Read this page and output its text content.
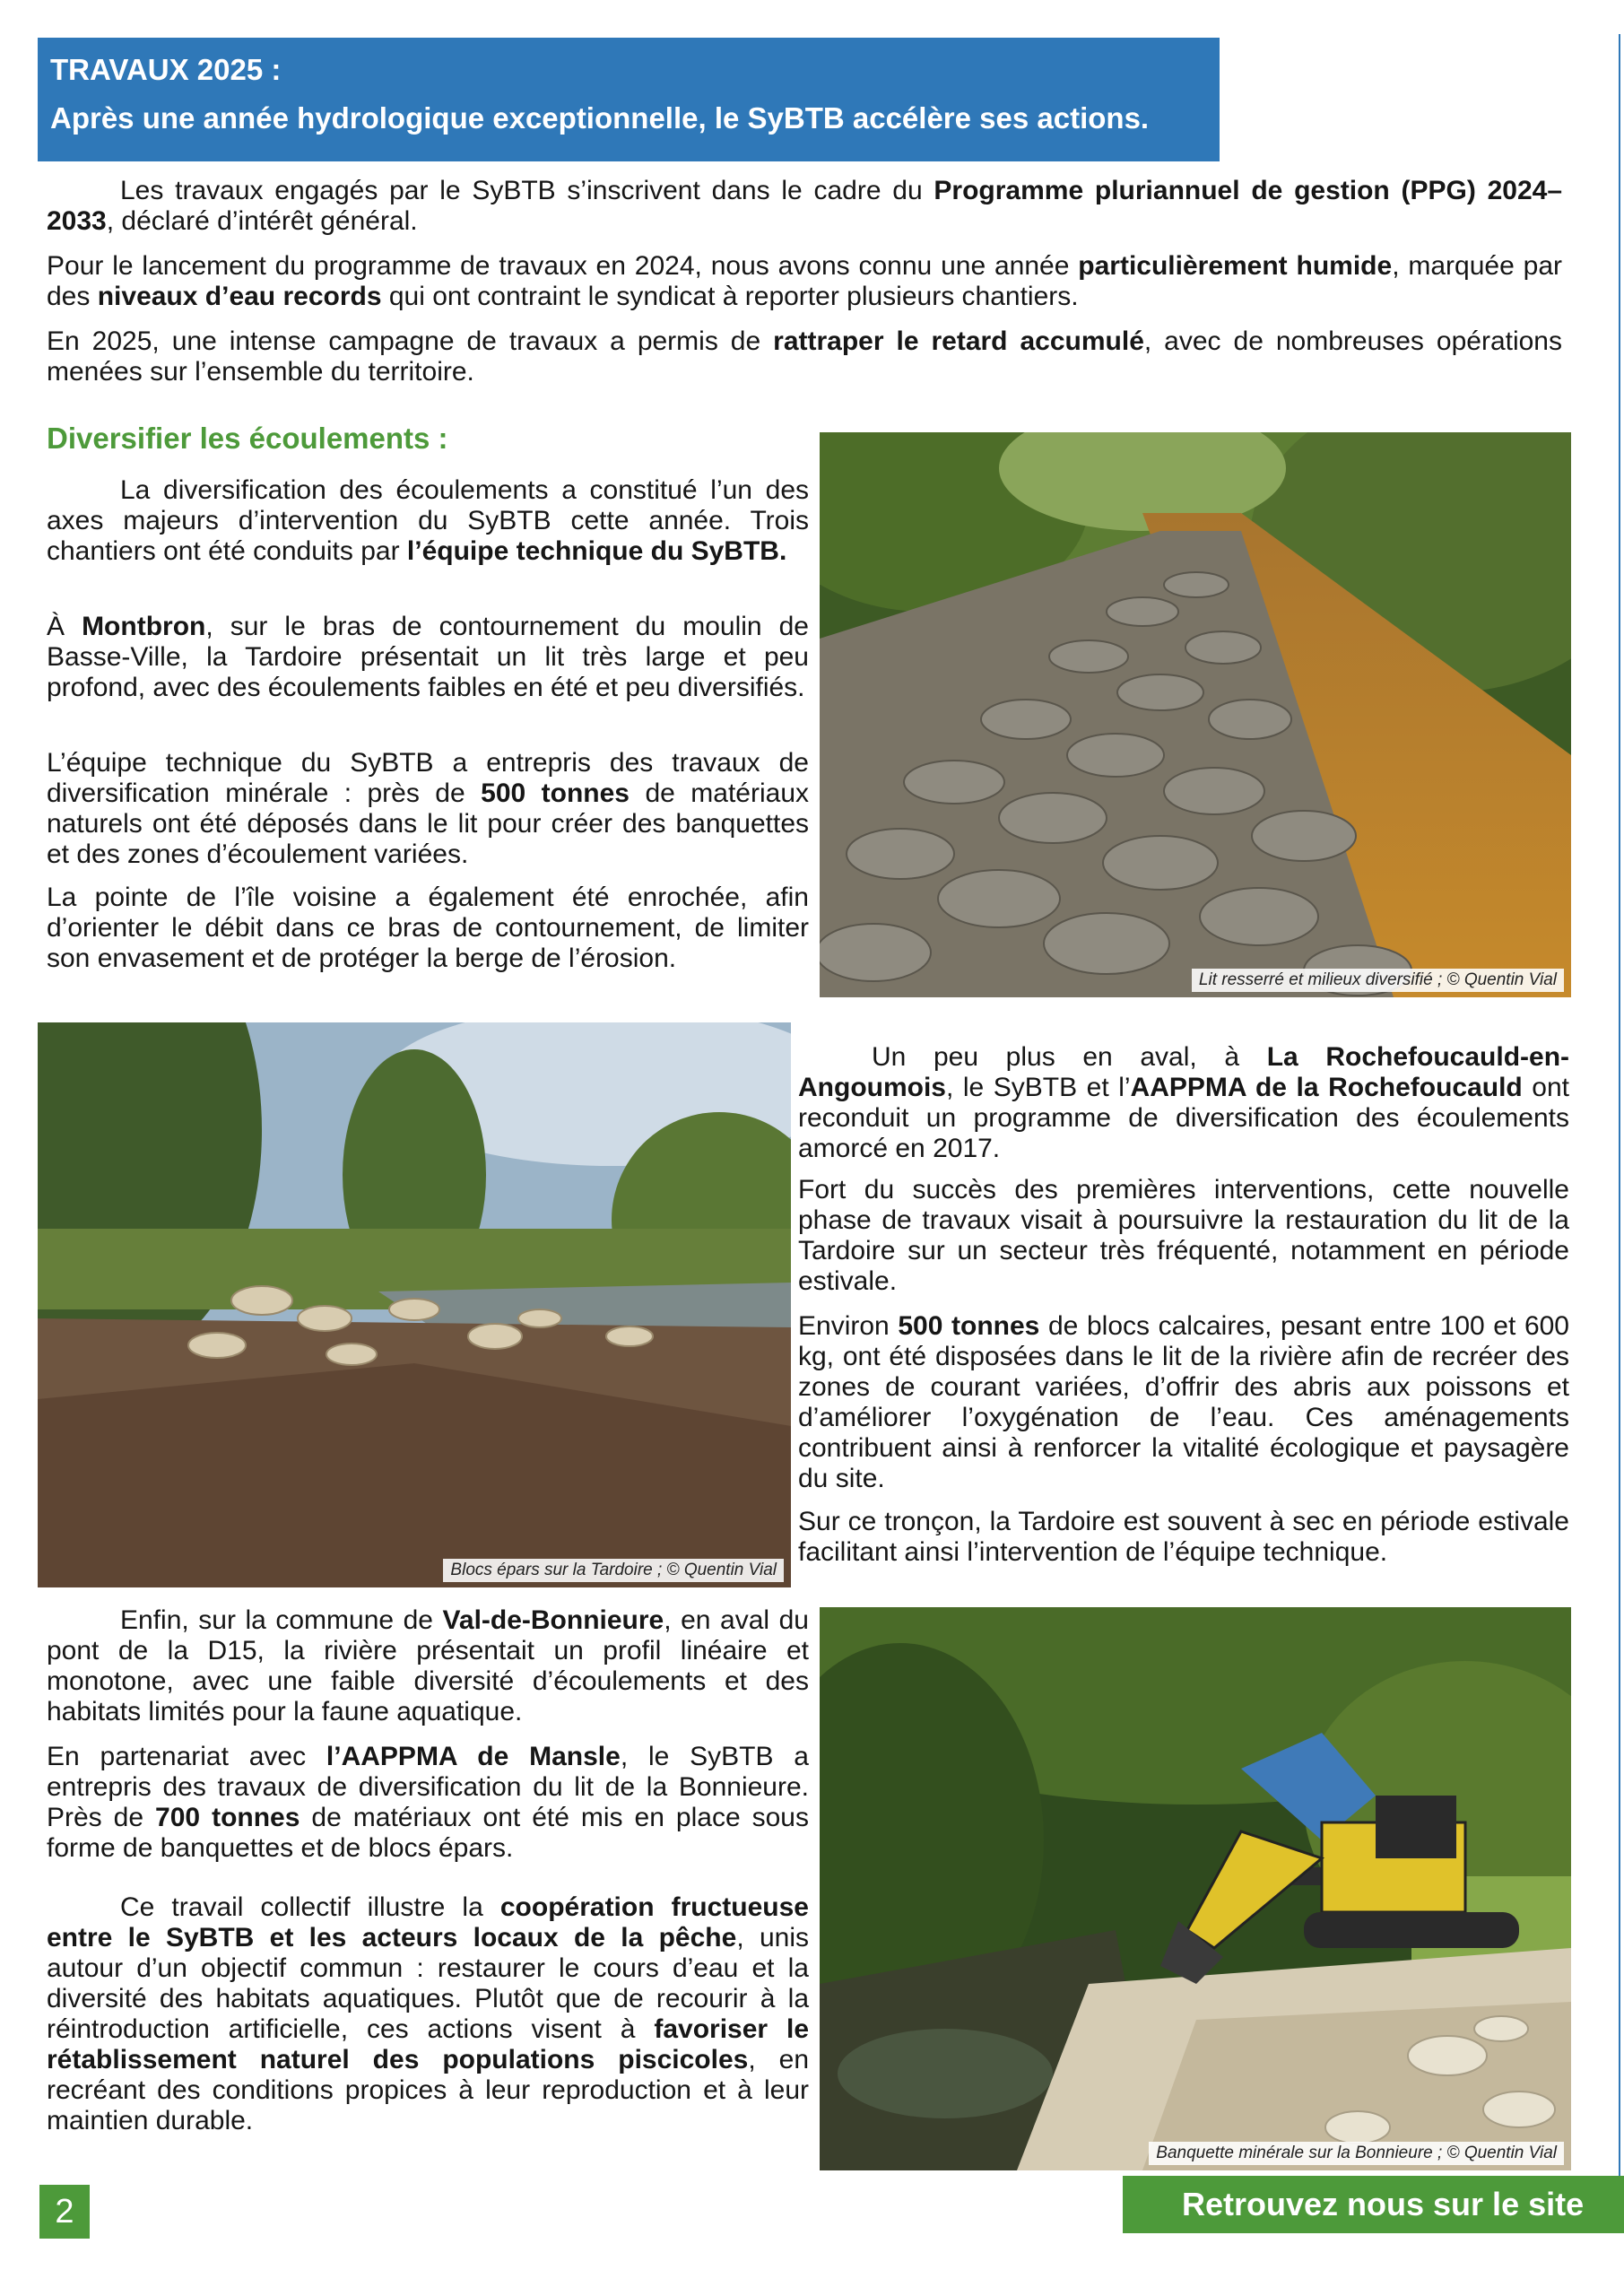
TRAVAUX 2025 :
Après une année hydrologique exceptionnelle, le SyBTB accélère ses actions.

Les travaux engagés par le SyBTB s’inscrivent dans le cadre du Programme pluriannuel de gestion (PPG) 2024–2033, déclaré d’intérêt général.

Pour le lancement du programme de travaux en 2024, nous avons connu une année particulièrement humide, marquée par des niveaux d’eau records qui ont contraint le syndicat à reporter plusieurs chantiers.

En 2025, une intense campagne de travaux a permis de rattraper le retard accumulé, avec de nombreuses opérations menées sur l’ensemble du territoire.

Diversifier les écoulements :

La diversification des écoulements a constitué l’un des axes majeurs d’intervention du SyBTB cette année. Trois chantiers ont été conduits par l’équipe technique du SyBTB.

À Montbron, sur le bras de contournement du moulin de Basse-Ville, la Tardoire présentait un lit très large et peu profond, avec des écoulements faibles en été et peu diversifiés.

L’équipe technique du SyBTB a entrepris des travaux de diversification minérale : près de 500 tonnes de matériaux naturels ont été déposés dans le lit pour créer des banquettes et des zones d’écoulement variées.

La pointe de l’île voisine a également été enrochée, afin d’orienter le débit dans ce bras de contournement, de limiter son envasement et de protéger la berge de l’érosion.

Lit resserré et milieux diversifié ; © Quentin Vial
Blocs épars sur la Tardoire ; © Quentin Vial

Un peu plus en aval, à La Rochefoucauld-en-Angoumois, le SyBTB et l’AAPPMA de la Rochefoucauld ont reconduit un programme de diversification des écoulements amorcé en 2017.

Fort du succès des premières interventions, cette nouvelle phase de travaux visait à poursuivre la restauration du lit de la Tardoire sur un secteur très fréquenté, notamment en période estivale.

Environ 500 tonnes de blocs calcaires, pesant entre 100 et 600 kg, ont été disposées dans le lit de la rivière afin de recréer des zones de courant variées, d’offrir des abris aux poissons et d’améliorer l’oxygénation de l’eau. Ces aménagements contribuent ainsi à renforcer la vitalité écologique et paysagère du site.

Sur ce tronçon, la Tardoire est souvent à sec en période estivale facilitant ainsi l’intervention de l’équipe technique.

Enfin, sur la commune de Val-de-Bonnieure, en aval du pont de la D15, la rivière présentait un profil linéaire et monotone, avec une faible diversité d’écoulements et des habitats limités pour la faune aquatique.

En partenariat avec l’AAPPMA de Mansle, le SyBTB a entrepris des travaux de diversification du lit de la Bonnieure. Près de 700 tonnes de matériaux ont été mis en place sous forme de banquettes et de blocs épars.

Ce travail collectif illustre la coopération fructueuse entre le SyBTB et les acteurs locaux de la pêche, unis autour d’un objectif commun : restaurer le cours d’eau et la diversité des habitats aquatiques. Plutôt que de recourir à la réintroduction artificielle, ces actions visent à favoriser le rétablissement naturel des populations piscicoles, en recréant des conditions propices à leur reproduction et à leur maintien durable.

Banquette minérale sur la Bonnieure ; © Quentin Vial
2	Retrouvez nous sur le site
